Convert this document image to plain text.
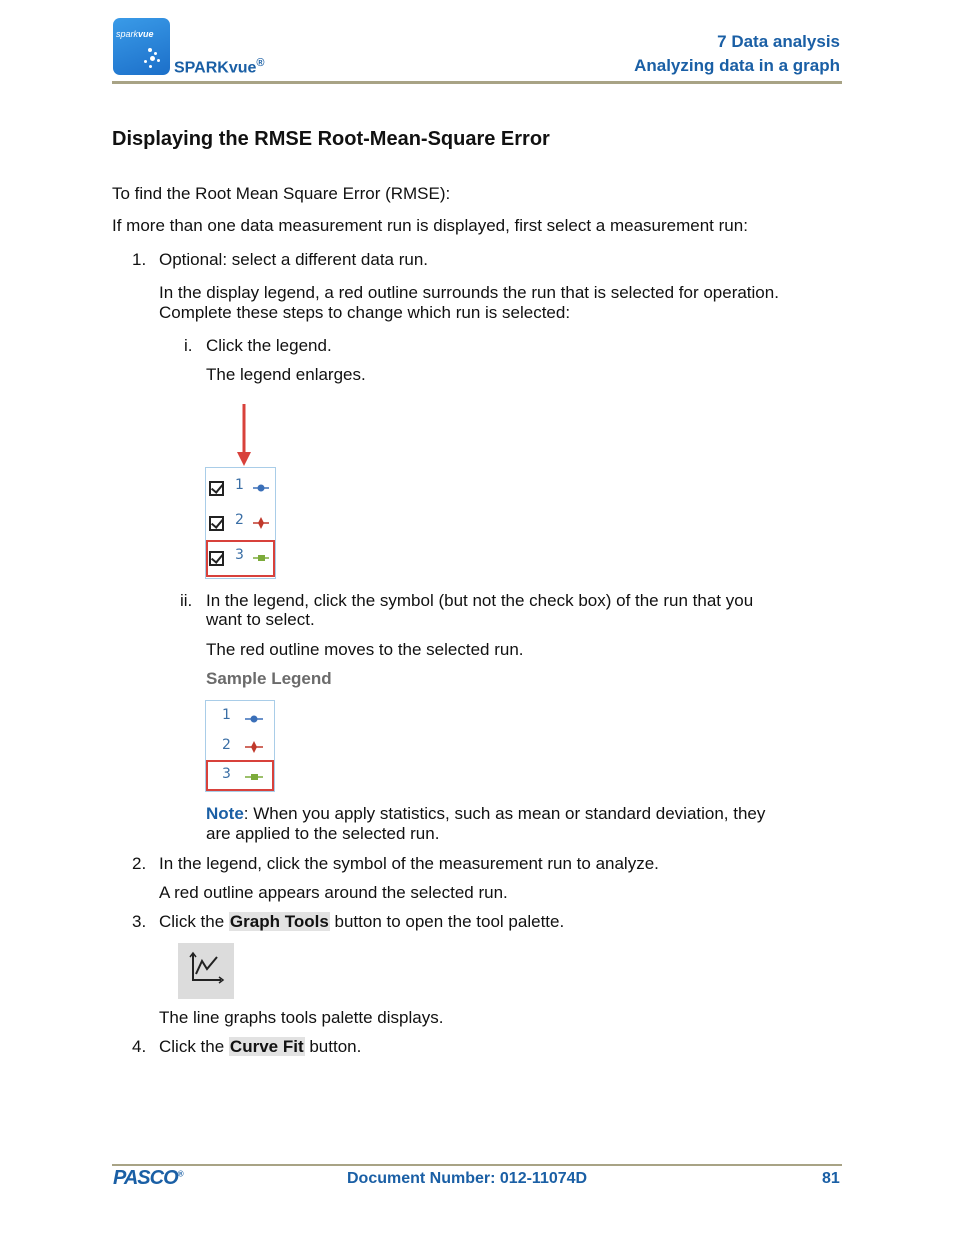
sparkvue
SPARKvue®
7 Data analysis
Analyzing data in a graph
Displaying the RMSE Root-Mean-Square Error
To find the Root Mean Square Error (RMSE):
If more than one data measurement run is displayed, first select a measurement run:
1. Optional: select a different data run.
In the display legend, a red outline surrounds the run that is selected for operation.
Complete these steps to change which run is selected:
i. Click the legend.
The legend enlarges.
1
2
3
ii. In the legend, click the symbol (but not the check box) of the run that you
want to select.
The red outline moves to the selected run.
Sample Legend
1
2
3
Note: When you apply statistics, such as mean or standard deviation, they
are applied to the selected run.
2. In the legend, click the symbol of the measurement run to analyze.
A red outline appears around the selected run.
3. Click the Graph Tools button to open the tool palette.
The line graphs tools palette displays.
4. Click the Curve Fit button.
PASCO®	Document Number: 012-11074D	81
